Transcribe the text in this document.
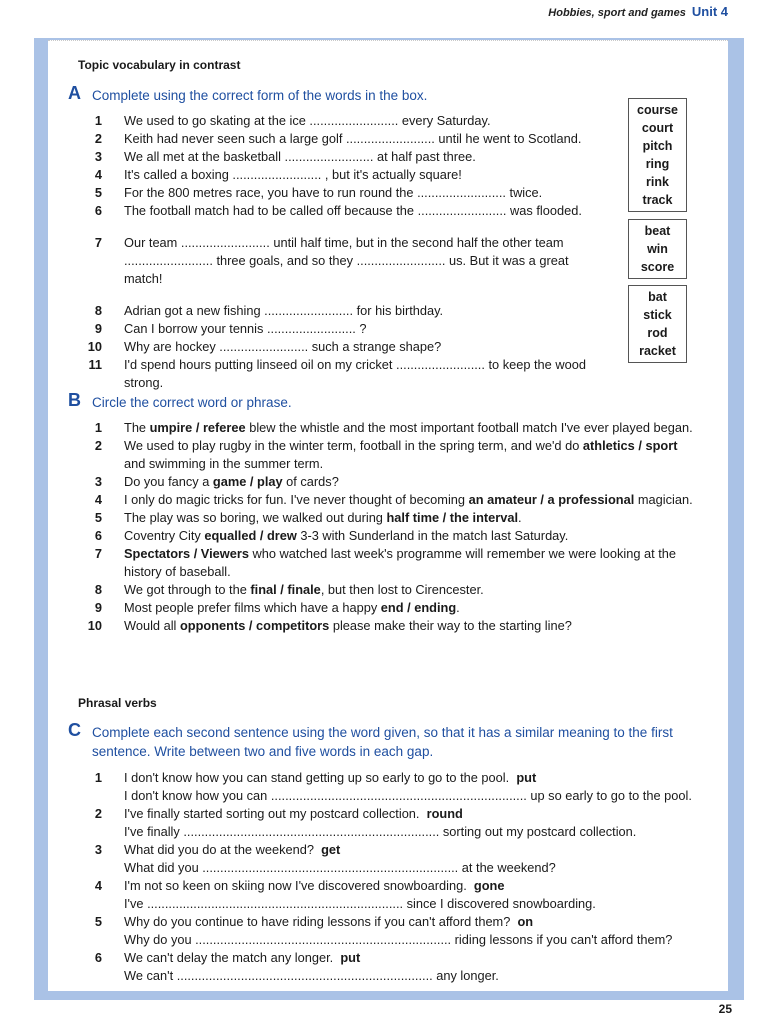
Hobbies, sport and games Unit 4
Topic vocabulary in contrast
A Complete using the correct form of the words in the box.
1 We used to go skating at the ice ......................... every Saturday.
2 Keith had never seen such a large golf ......................... until he went to Scotland.
3 We all met at the basketball ......................... at half past three.
4 It's called a boxing ......................... , but it's actually square!
5 For the 800 metres race, you have to run round the ......................... twice.
6 The football match had to be called off because the ......................... was flooded.
7 Our team ......................... until half time, but in the second half the other team ......................... three goals, and so they ......................... us. But it was a great match!
8 Adrian got a new fishing ......................... for his birthday.
9 Can I borrow your tennis ......................... ?
10 Why are hockey ......................... such a strange shape?
11 I'd spend hours putting linseed oil on my cricket ......................... to keep the wood strong.
course
court
pitch
ring
rink
track
beat
win
score
bat
stick
rod
racket
B Circle the correct word or phrase.
1 The umpire / referee blew the whistle and the most important football match I've ever played began.
2 We used to play rugby in the winter term, football in the spring term, and we'd do athletics / sport and swimming in the summer term.
3 Do you fancy a game / play of cards?
4 I only do magic tricks for fun. I've never thought of becoming an amateur / a professional magician.
5 The play was so boring, we walked out during half time / the interval.
6 Coventry City equalled / drew 3-3 with Sunderland in the match last Saturday.
7 Spectators / Viewers who watched last week's programme will remember we were looking at the history of baseball.
8 We got through to the final / finale, but then lost to Cirencester.
9 Most people prefer films which have a happy end / ending.
10 Would all opponents / competitors please make their way to the starting line?
Phrasal verbs
C Complete each second sentence using the word given, so that it has a similar meaning to the first sentence. Write between two and five words in each gap.
1 I don't know how you can stand getting up so early to go to the pool. put
I don't know how you can ........................................................................ up so early to go to the pool.
2 I've finally started sorting out my postcard collection. round
I've finally ........................................................................ sorting out my postcard collection.
3 What did you do at the weekend? get
What did you ........................................................................ at the weekend?
4 I'm not so keen on skiing now I've discovered snowboarding. gone
I've ........................................................................ since I discovered snowboarding.
5 Why do you continue to have riding lessons if you can't afford them? on
Why do you ........................................................................ riding lessons if you can't afford them?
6 We can't delay the match any longer. put
We can't ........................................................................ any longer.
25
